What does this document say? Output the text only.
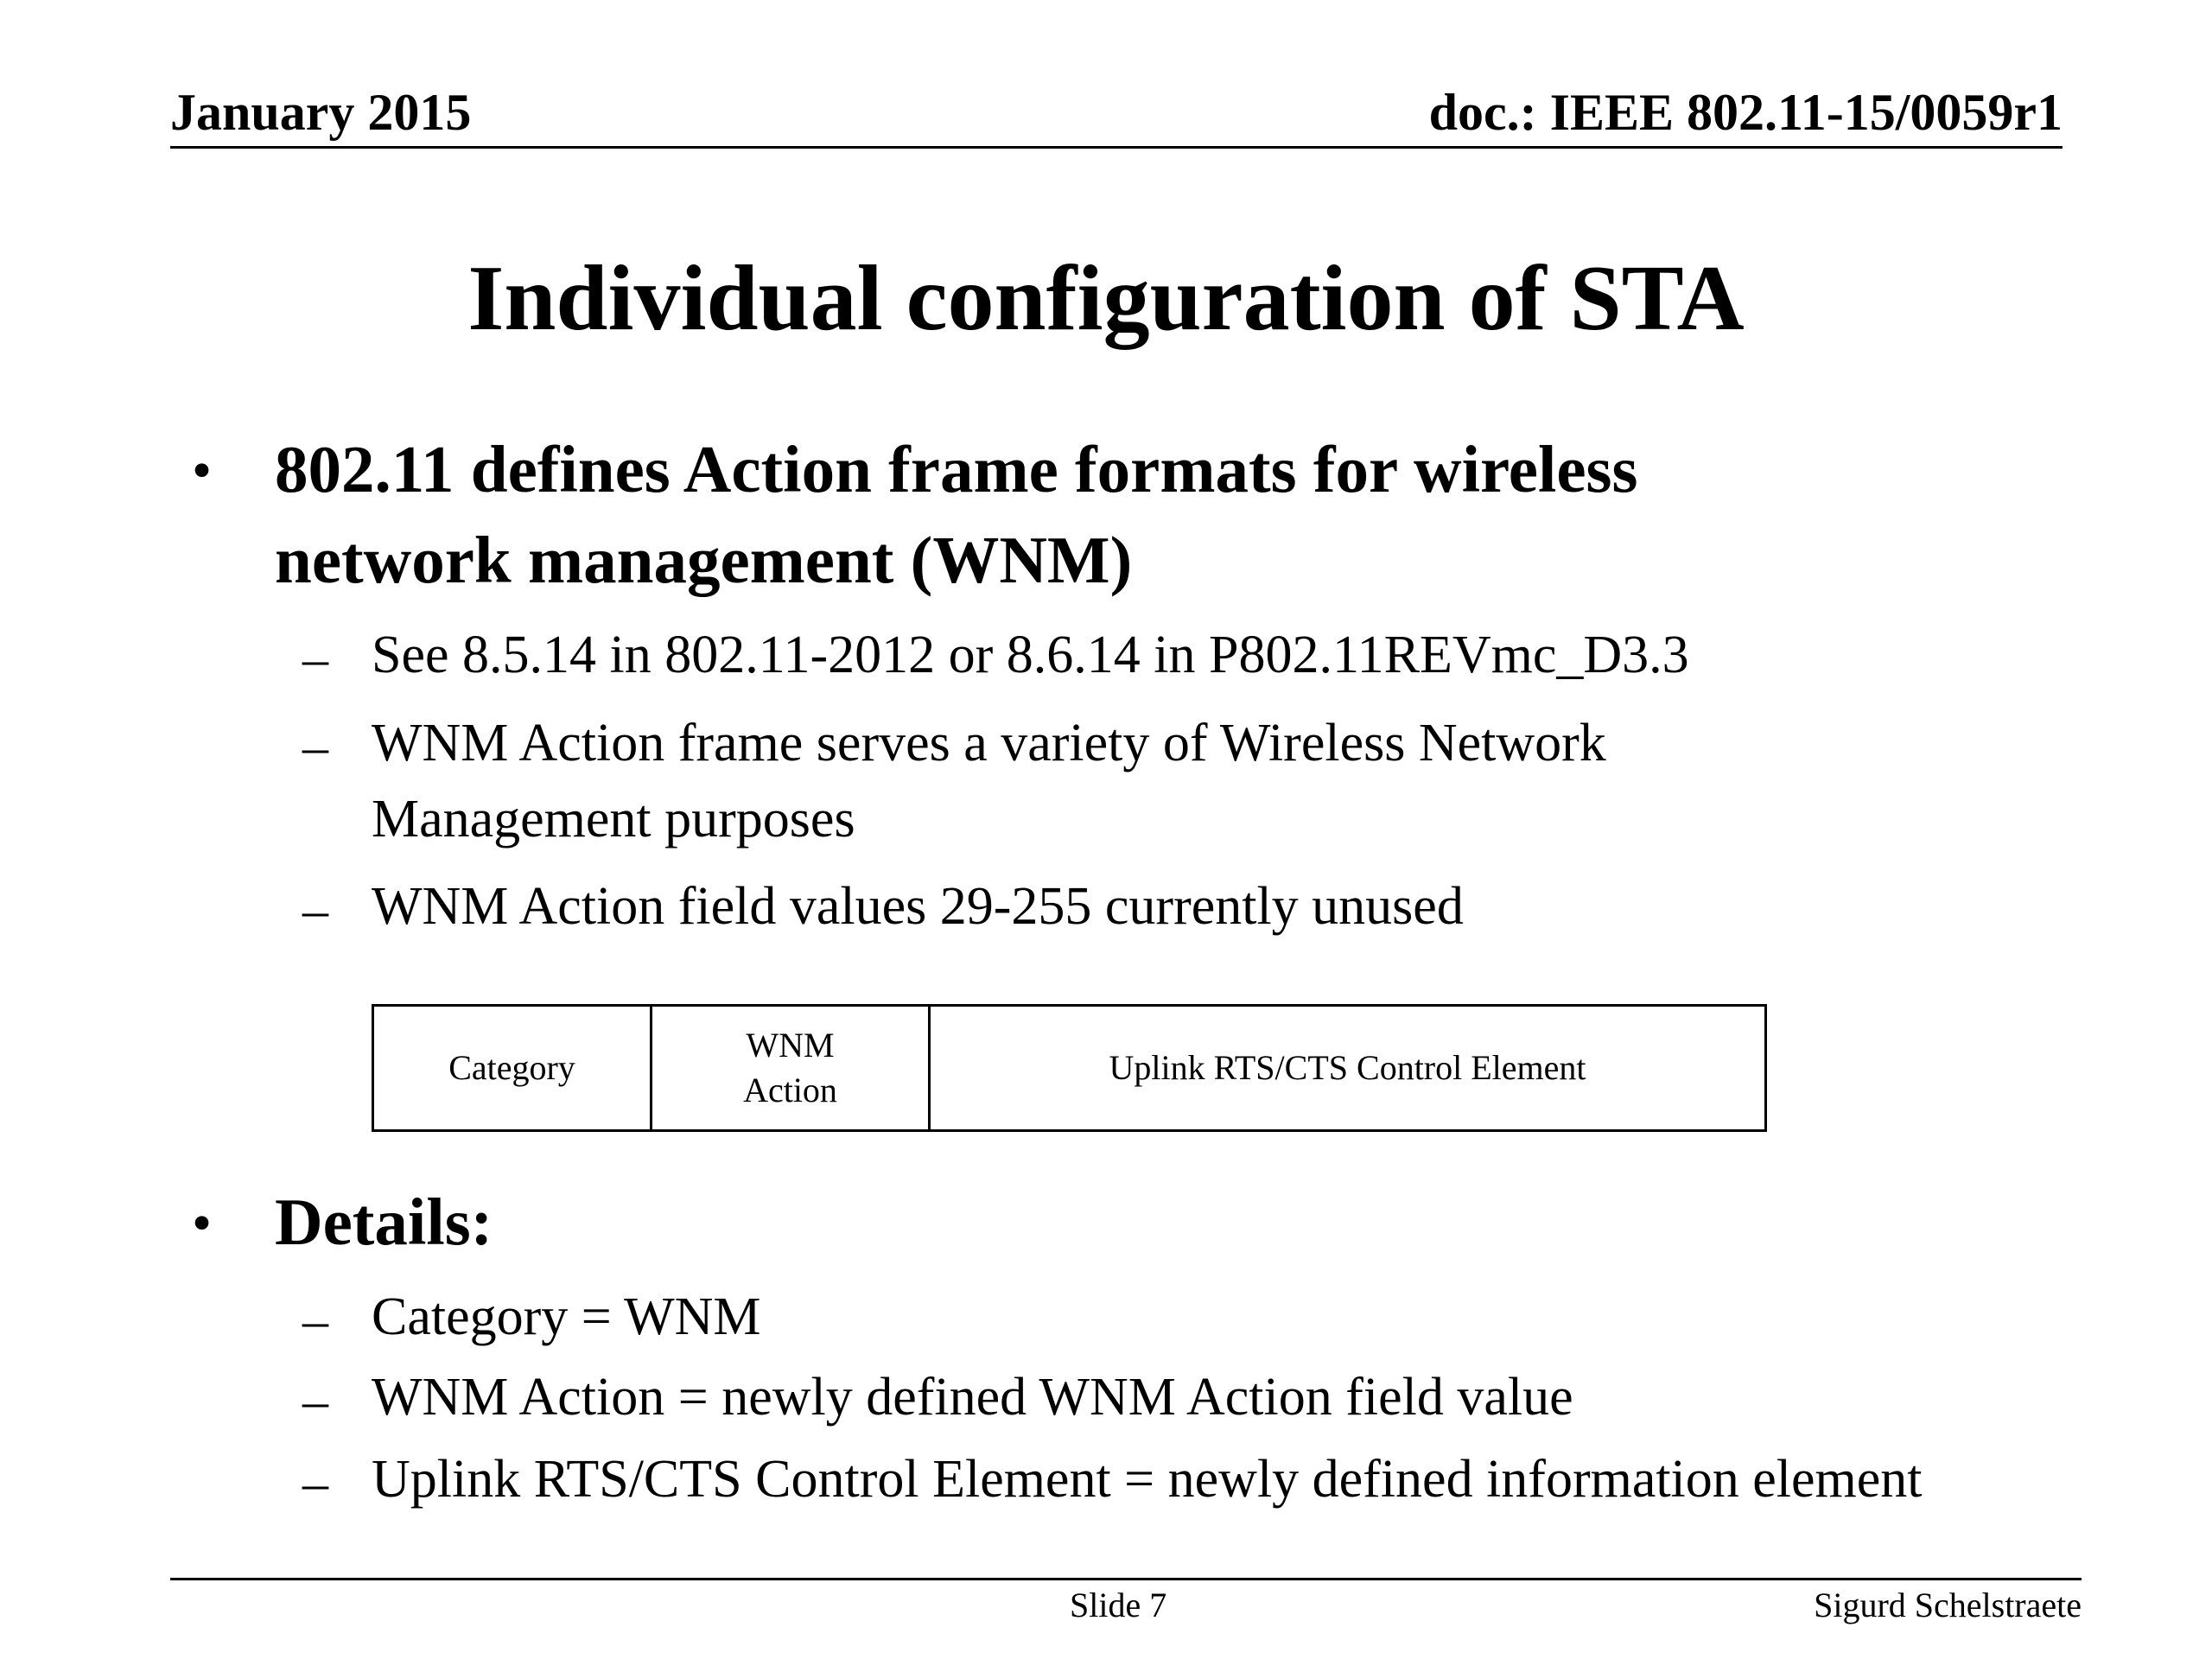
January 2015	doc.: IEEE 802.11-15/0059r1
Individual configuration of STA
• 802.11 defines Action frame formats for wireless
network management (WNM)
– See 8.5.14 in 802.11-2012 or 8.6.14 in P802.11REVmc_D3.3
– WNM Action frame serves a variety of Wireless Network
Management purposes
– WNM Action field values 29-255 currently unused
Category
WNM
Action
Uplink RTS/CTS Control Element
• Details:
– Category = WNM
– WNM Action = newly defined WNM Action field value
– Uplink RTS/CTS Control Element = newly defined information element
Slide 7	Sigurd Schelstraete
